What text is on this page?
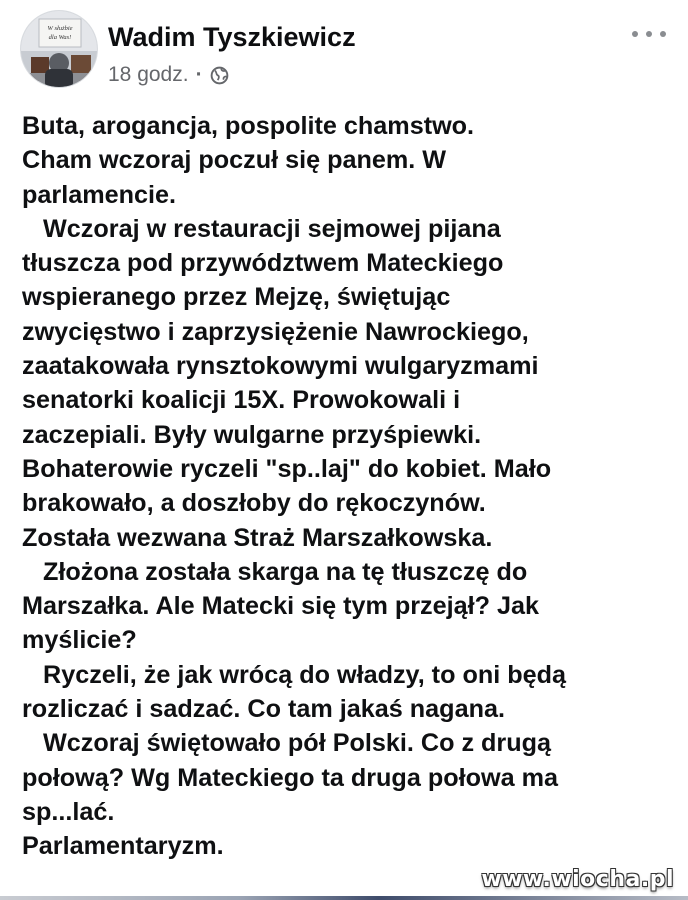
W służbie
dla Was! Wadim Tyszkiewicz
18 godz. ·
Buta, arogancja, pospolite chamstwo.
Cham wczoraj poczuł się panem. W
parlamencie.
Wczoraj w restauracji sejmowej pijana
tłuszcza pod przywództwem Mateckiego
wspieranego przez Mejzę, świętując
zwycięstwo i zaprzysiężenie Nawrockiego,
zaatakowała rynsztokowymi wulgaryzmami
senatorki koalicji 15X. Prowokowali i
zaczepiali. Były wulgarne przyśpiewki.
Bohaterowie ryczeli "sp..laj" do kobiet. Mało
brakowało, a doszłoby do rękoczynów.
Została wezwana Straż Marszałkowska.
Złożona została skarga na tę tłuszczę do
Marszałka. Ale Matecki się tym przejął? Jak
myślicie?
Ryczeli, że jak wrócą do władzy, to oni będą
rozliczać i sadzać. Co tam jakaś nagana.
Wczoraj świętowało pół Polski. Co z drugą
połową? Wg Mateckiego ta druga połowa ma
sp...lać.
Parlamentaryzm.
www.wiocha.pl
